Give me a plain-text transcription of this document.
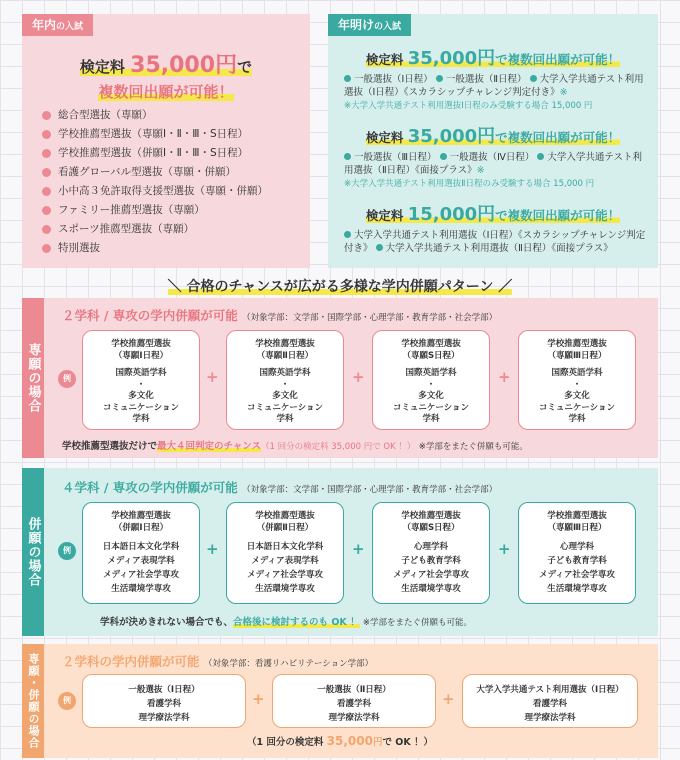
年内の入試
検定料 35,000円で
複数回出願が可能！
総合型選抜（専願）
学校推薦型選抜（専願Ⅰ・Ⅱ・Ⅲ・S日程）
学校推薦型選抜（併願Ⅰ・Ⅱ・Ⅲ・S日程）
看護グローバル型選抜（専願・併願）
小中高３免許取得支援型選抜（専願・併願）
ファミリー推薦型選抜（専願）
スポーツ推薦型選抜（専願）
特別選抜
年明けの入試
検定料 35,000円で複数回出願が可能！
一般選抜（Ⅰ日程） 一般選抜（Ⅱ日程） 大学入学共通テスト利用選抜（Ⅰ日程）《スカラシップチャレンジ判定付き》※
※大学入学共通テスト利用選抜Ⅰ日程のみ受験する場合 15,000 円
検定料 35,000円で複数回出願が可能！
一般選抜（Ⅲ日程） 一般選抜（Ⅳ日程） 大学入学共通テスト利用選抜（Ⅱ日程）《面接プラス》※
※大学入学共通テスト利用選抜Ⅱ日程のみ受験する場合 15,000 円
検定料 15,000円で複数回出願が可能！
大学入学共通テスト利用選抜（Ⅰ日程）《スカラシップチャレンジ判定付き》 大学入学共通テスト利用選抜（Ⅱ日程）《面接プラス》
＼ 合格のチャンスが広がる多様な学内併願パターン ／
専願の場合
２学科 / 専攻の学内併願が可能 （対象学部：文学部・国際学部・心理学部・教育学部・社会学部）
例
学校推薦型選抜
（専願Ⅰ日程）
国際英語学科
・
多文化
コミュニケーション
学科
+
学校推薦型選抜
（専願Ⅱ日程）
国際英語学科
・
多文化
コミュニケーション
学科
+
学校推薦型選抜
（専願S日程）
国際英語学科
・
多文化
コミュニケーション
学科
+
学校推薦型選抜
（専願Ⅲ日程）
国際英語学科
・
多文化
コミュニケーション
学科
学校推薦型選抜だけで最大４回判定のチャンス（1 回分の検定料 35,000 円で OK ！） ※学部をまたぐ併願も可能。
併願の場合
４学科 / 専攻の学内併願が可能 （対象学部：文学部・国際学部・心理学部・教育学部・社会学部）
例
学校推薦型選抜
（併願Ⅰ日程）
日本語日本文化学科
メディア表現学科
メディア社会学専攻
生活環境学専攻
+
学校推薦型選抜
（併願Ⅱ日程）
日本語日本文化学科
メディア表現学科
メディア社会学専攻
生活環境学専攻
+
学校推薦型選抜
（専願S日程）
心理学科
子ども教育学科
メディア社会学専攻
生活環境学専攻
+
学校推薦型選抜
（専願Ⅲ日程）
心理学科
子ども教育学科
メディア社会学専攻
生活環境学専攻
学科が決めきれない場合でも、合格後に検討するのも OK ！ ※学部をまたぐ併願も可能。
専願・併願の場合	２学科の学内併願が可能 （対象学部：看護リハビリテーション学部）
例
一般選抜（Ⅰ日程）
看護学科
理学療法学科
+	一般選抜（Ⅱ日程）
看護学科
理学療法学科
+	大学入学共通テスト利用選抜（Ⅰ日程）
看護学科
理学療法学科
（1 回分の検定料 35,000円で OK ！）
